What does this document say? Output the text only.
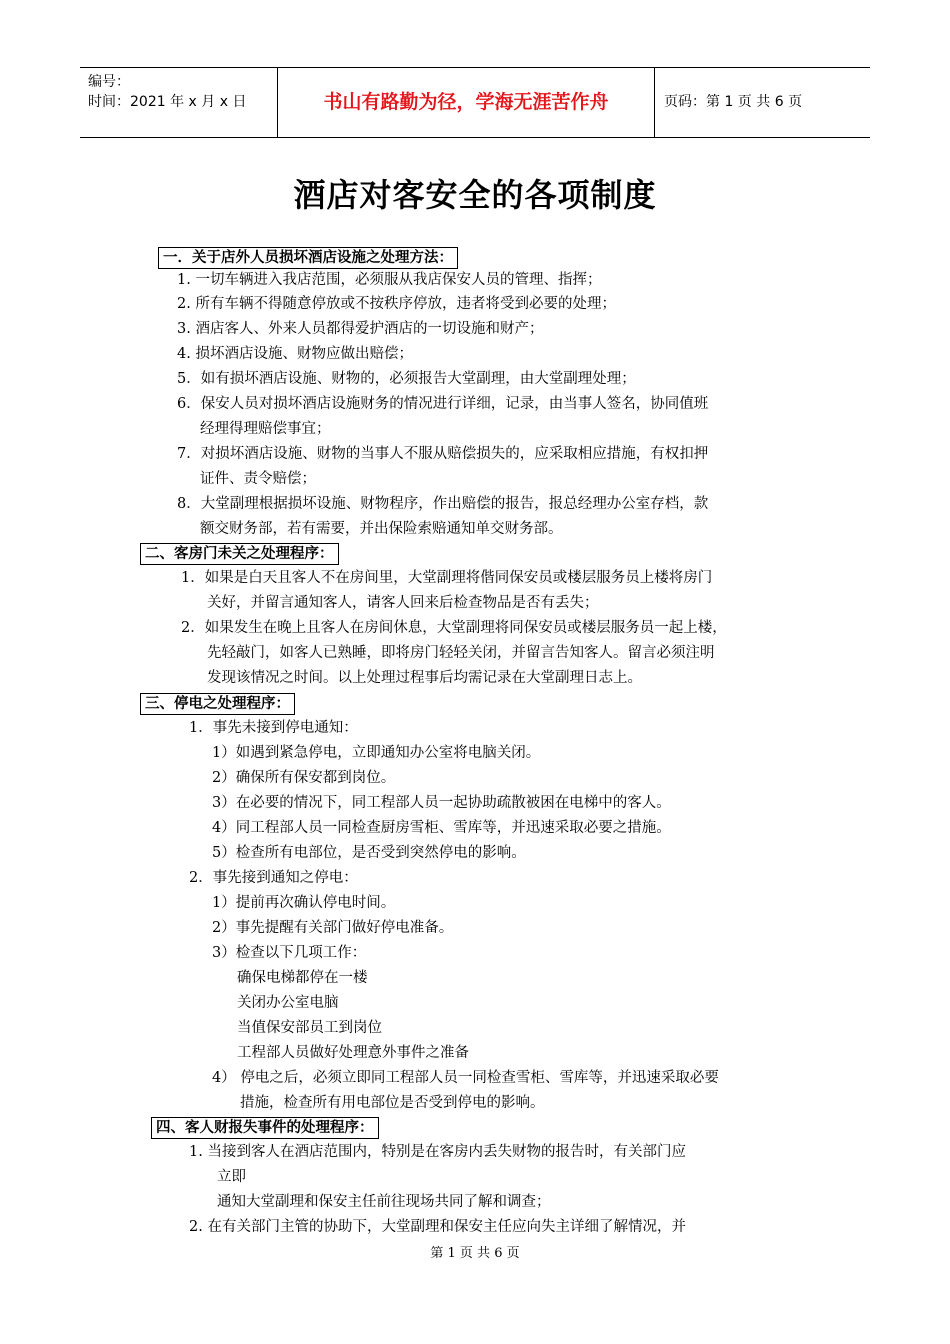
编号：
时间：2021 年 x 月 x 日	书山有路勤为径，学海无涯苦作舟	页码：第 1 页 共 6 页
酒店对客安全的各项制度
一．关于店外人员损坏酒店设施之处理方法：
1. 一切车辆进入我店范围，必须服从我店保安人员的管理、指挥；
2. 所有车辆不得随意停放或不按秩序停放，违者将受到必要的处理；
3. 酒店客人、外来人员都得爱护酒店的一切设施和财产；
4. 损坏酒店设施、财物应做出赔偿；
5．如有损坏酒店设施、财物的，必须报告大堂副理，由大堂副理处理；
6．保安人员对损坏酒店设施财务的情况进行详细，记录，由当事人签名，协同值班
经理得理赔偿事宜；
7．对损坏酒店设施、财物的当事人不服从赔偿损失的，应采取相应措施，有权扣押
证件、责令赔偿；
8．大堂副理根据损坏设施、财物程序，作出赔偿的报告，报总经理办公室存档，款
额交财务部，若有需要，并出保险索赔通知单交财务部。
二、客房门未关之处理程序：
1．如果是白天且客人不在房间里，大堂副理将偕同保安员或楼层服务员上楼将房门
关好，并留言通知客人，请客人回来后检查物品是否有丢失；
2．如果发生在晚上且客人在房间休息，大堂副理将同保安员或楼层服务员一起上楼，
先轻敲门，如客人已熟睡，即将房门轻轻关闭，并留言告知客人。留言必须注明
发现该情况之时间。以上处理过程事后均需记录在大堂副理日志上。
三、停电之处理程序：
1．事先未接到停电通知：
1）如遇到紧急停电，立即通知办公室将电脑关闭。
2）确保所有保安都到岗位。
3）在必要的情况下，同工程部人员一起协助疏散被困在电梯中的客人。
4）同工程部人员一同检查厨房雪柜、雪库等，并迅速采取必要之措施。
5）检查所有电部位，是否受到突然停电的影响。
2．事先接到通知之停电：
1）提前再次确认停电时间。
2）事先提醒有关部门做好停电准备。
3）检查以下几项工作：
确保电梯都停在一楼
关闭办公室电脑
当值保安部员工到岗位
工程部人员做好处理意外事件之准备
4） 停电之后，必须立即同工程部人员一同检查雪柜、雪库等，并迅速采取必要
措施，检查所有用电部位是否受到停电的影响。
四、客人财报失事件的处理程序：
1. 当接到客人在酒店范围内，特别是在客房内丢失财物的报告时，有关部门应
立即
通知大堂副理和保安主任前往现场共同了解和调查；
2. 在有关部门主管的协助下，大堂副理和保安主任应向失主详细了解情况，并
第 1 页 共 6 页
